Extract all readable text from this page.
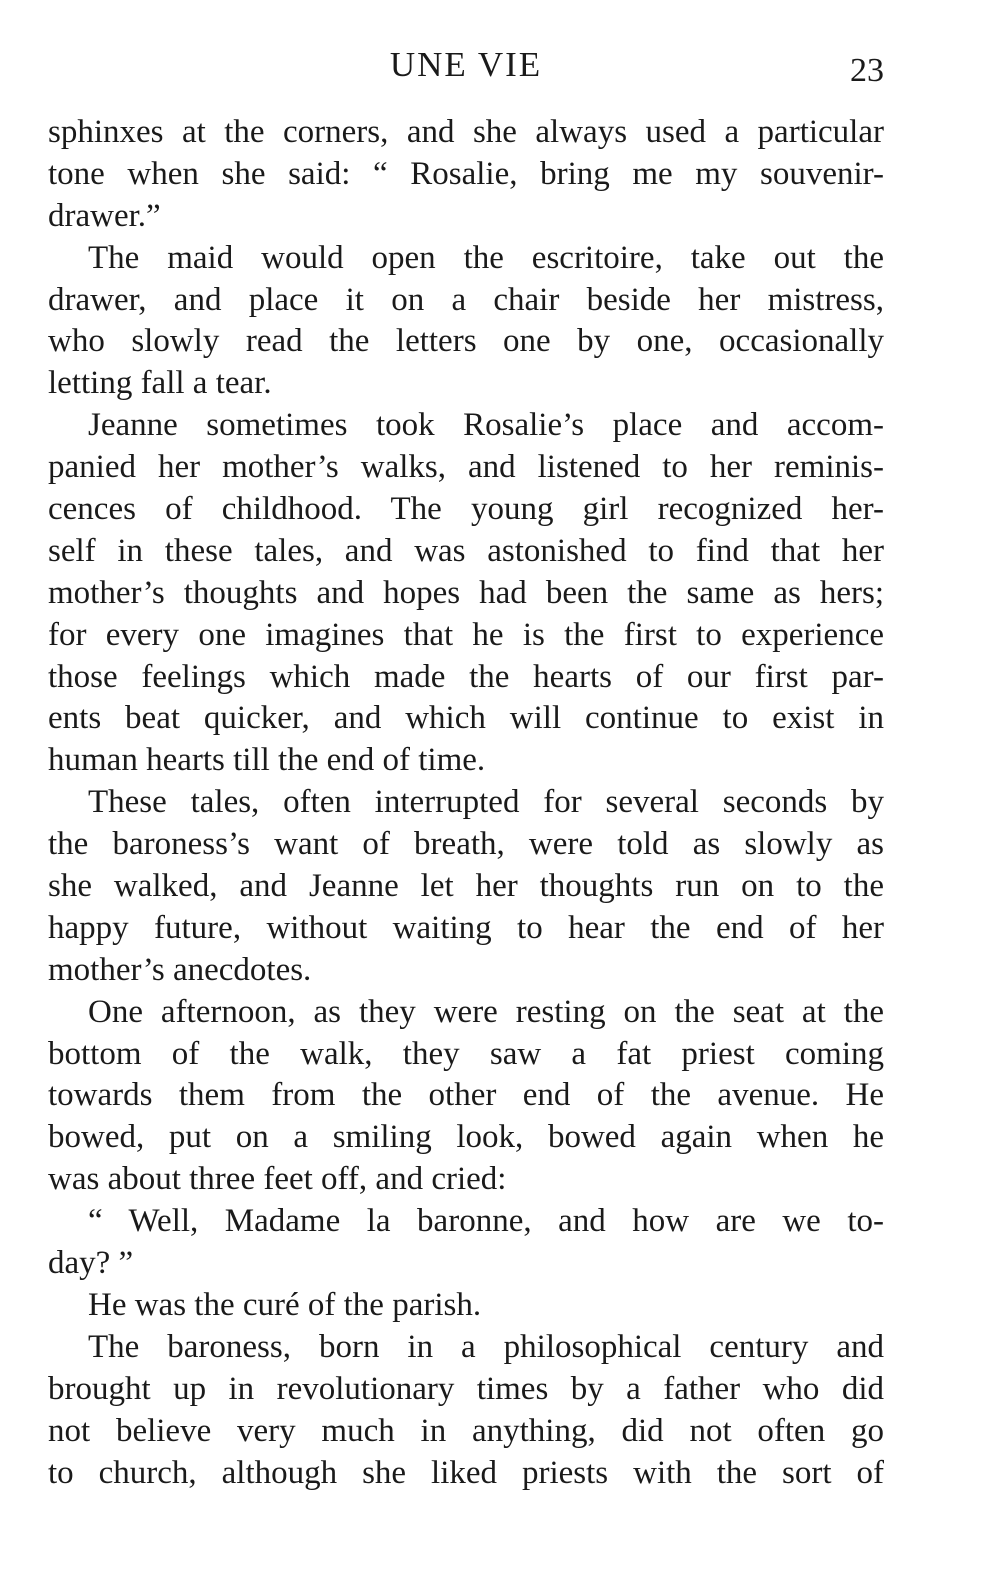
UNE VIE	23
sphinxes at the corners, and she always used a particular
tone when she said: “ Rosalie, bring me my souvenir-
drawer.”
The maid would open the escritoire, take out the
drawer, and place it on a chair beside her mistress,
who slowly read the letters one by one, occasionally
letting fall a tear.
Jeanne sometimes took Rosalie’s place and accom-
panied her mother’s walks, and listened to her reminis-
cences of childhood. The young girl recognized her-
self in these tales, and was astonished to find that her
mother’s thoughts and hopes had been the same as hers;
for every one imagines that he is the first to experience
those feelings which made the hearts of our first par-
ents beat quicker, and which will continue to exist in
human hearts till the end of time.
These tales, often interrupted for several seconds by
the baroness’s want of breath, were told as slowly as
she walked, and Jeanne let her thoughts run on to the
happy future, without waiting to hear the end of her
mother’s anecdotes.
One afternoon, as they were resting on the seat at the
bottom of the walk, they saw a fat priest coming
towards them from the other end of the avenue. He
bowed, put on a smiling look, bowed again when he
was about three feet off, and cried:
“ Well, Madame la baronne, and how are we to-
day? ”
He was the curé of the parish.
The baroness, born in a philosophical century and
brought up in revolutionary times by a father who did
not believe very much in anything, did not often go
to church, although she liked priests with the sort of
